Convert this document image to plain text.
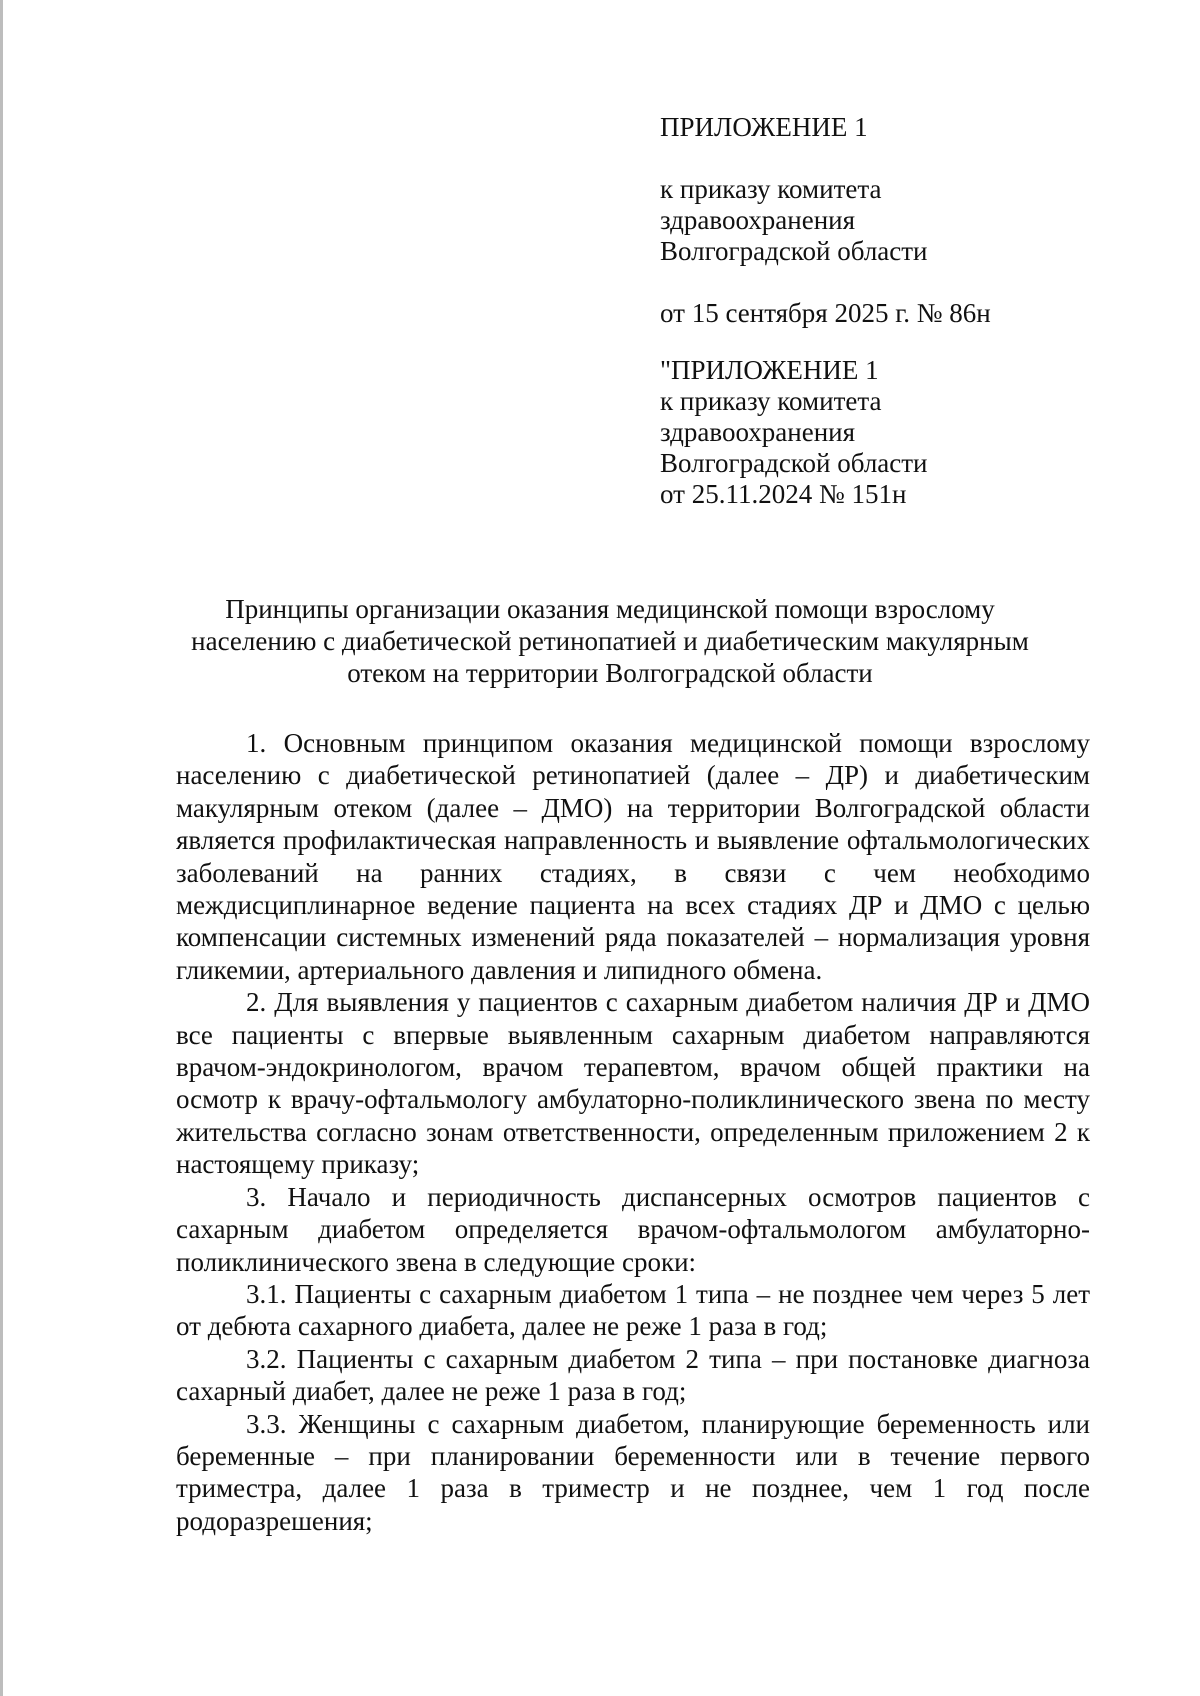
ПРИЛОЖЕНИЕ 1
к приказу комитета
здравоохранения
Волгоградской области
от 15 сентября 2025 г. № 86н
"ПРИЛОЖЕНИЕ 1
к приказу комитета
здравоохранения
Волгоградской области
от 25.11.2024 № 151н
Принципы организации оказания медицинской помощи взрослому
населению с диабетической ретинопатией и диабетическим макулярным
отеком на территории Волгоградской области

1. Основным принципом оказания медицинской помощи взрослому населению с диабетической ретинопатией (далее – ДР) и диабетическим макулярным отеком (далее – ДМО) на территории Волгоградской области является профилактическая направленность и выявление офтальмологических заболеваний на ранних стадиях, в связи с чем необходимо междисциплинарное ведение пациента на всех стадиях ДР и ДМО с целью компенсации системных изменений ряда показателей – нормализация уровня гликемии, артериального давления и липидного обмена.

2. Для выявления у пациентов с сахарным диабетом наличия ДР и ДМО все пациенты с впервые выявленным сахарным диабетом направляются врачом-эндокринологом, врачом терапевтом, врачом общей практики на осмотр к врачу-офтальмологу амбулаторно-поликлинического звена по месту жительства согласно зонам ответственности, определенным приложением 2 к настоящему приказу;

3. Начало и периодичность диспансерных осмотров пациентов с сахарным диабетом определяется врачом-офтальмологом амбулаторно-поликлинического звена в следующие сроки:

3.1. Пациенты с сахарным диабетом 1 типа – не позднее чем через 5 лет от дебюта сахарного диабета, далее не реже 1 раза в год;

3.2. Пациенты с сахарным диабетом 2 типа – при постановке диагноза сахарный диабет, далее не реже 1 раза в год;

3.3. Женщины с сахарным диабетом, планирующие беременность или беременные – при планировании беременности или в течение первого триместра, далее 1 раза в триместр и не позднее, чем 1 год после родоразрешения;
